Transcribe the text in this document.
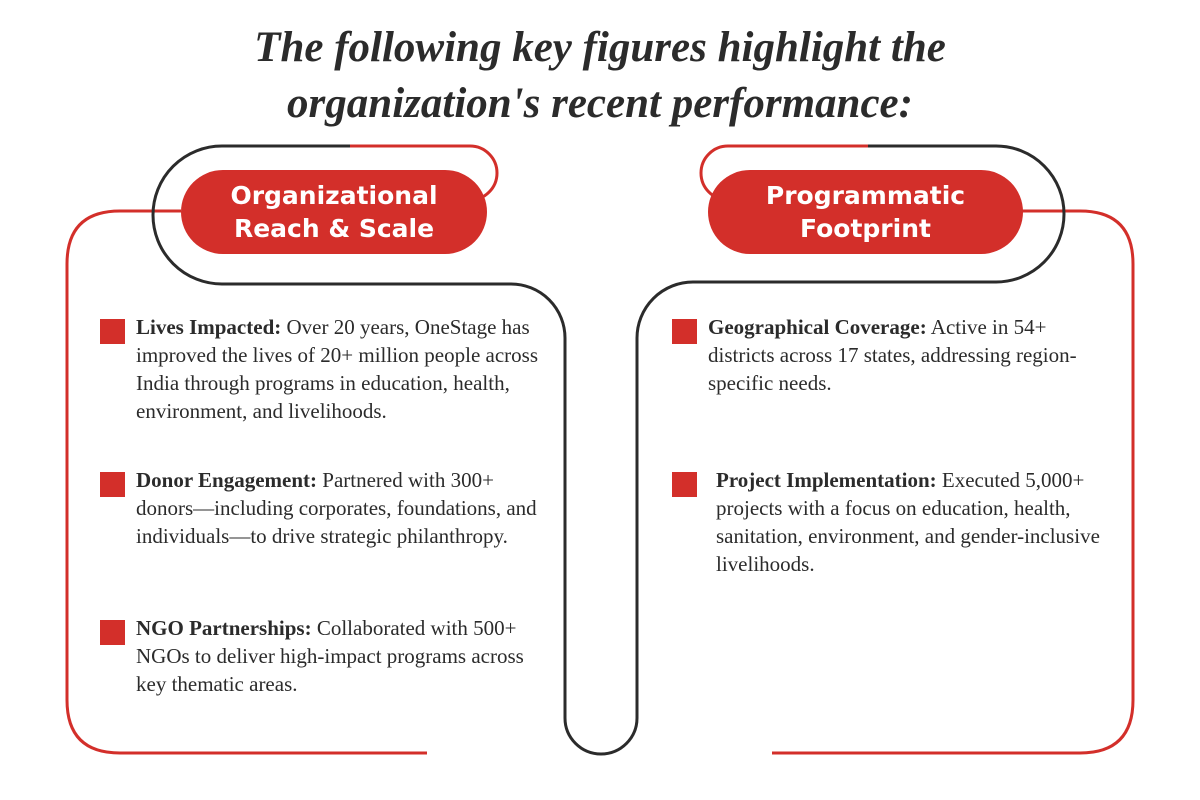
The following key figures highlight the
organization's recent performance:
Organizational
Reach & Scale
Programmatic
Footprint
Lives Impacted: Over 20 years, OneStage has improved the lives of 20+ million people across India through programs in education, health, environment, and livelihoods.
Donor Engagement: Partnered with 300+ donors—including corporates, foundations, and individuals—to drive strategic philanthropy.
NGO Partnerships: Collaborated with 500+ NGOs to deliver high-impact programs across key thematic areas.
Geographical Coverage: Active in 54+ districts across 17 states, addressing region-specific needs.
Project Implementation: Executed 5,000+ projects with a focus on education, health, sanitation, environment, and gender-inclusive livelihoods.
